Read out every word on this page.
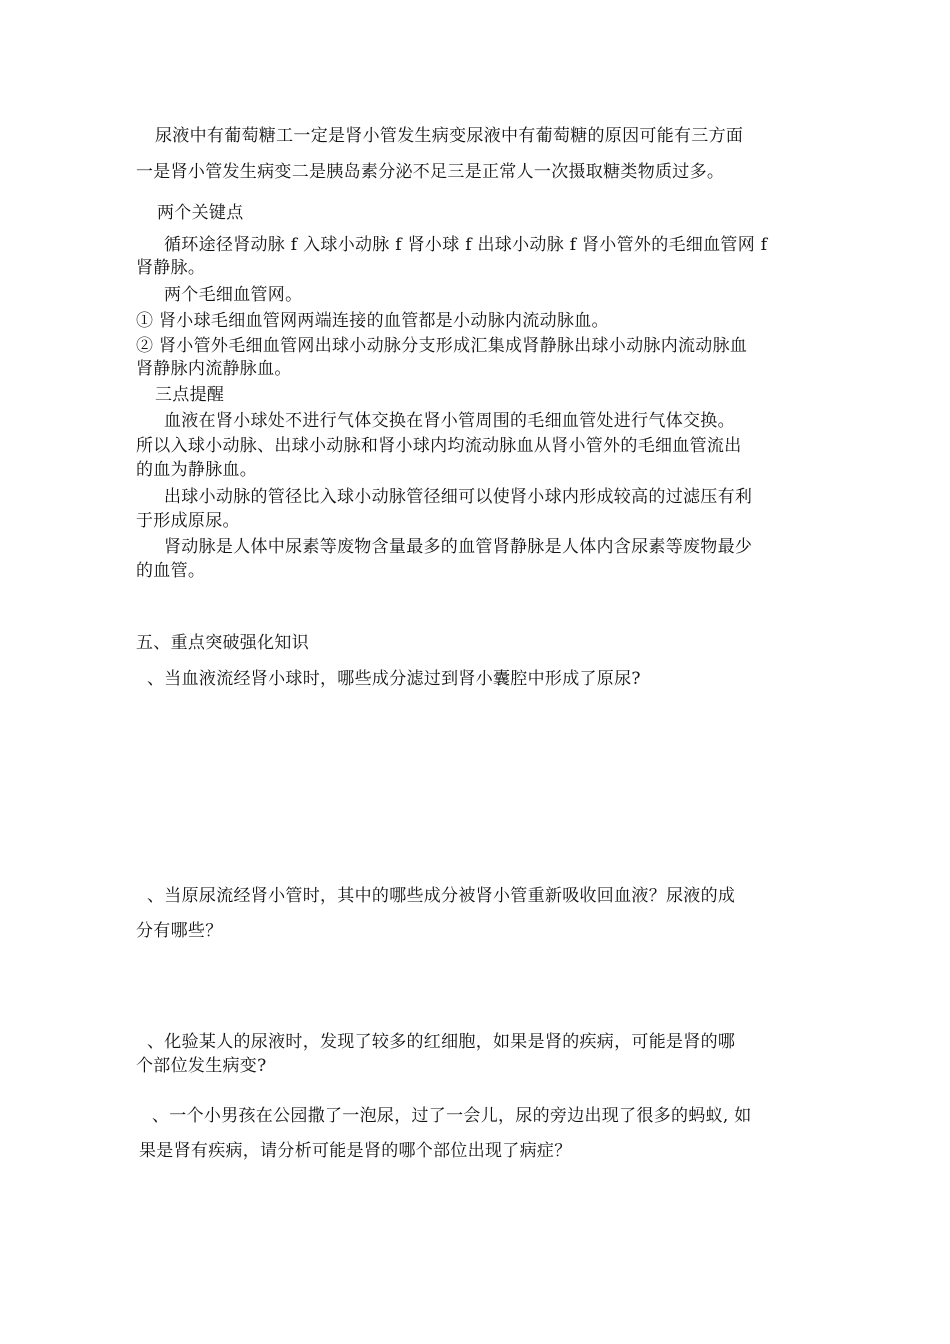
尿液中有葡萄糖工一定是肾小管发生病变尿液中有葡萄糖的原因可能有三方面
一是肾小管发生病变二是胰岛素分泌不足三是正常人一次摄取糖类物质过多。
两个关键点
循环途径肾动脉 f 入球小动脉 f 肾小球 f 出球小动脉 f 肾小管外的毛细血管网 f
肾静脉。
两个毛细血管网。
① 肾小球毛细血管网两端连接的血管都是小动脉内流动脉血。
② 肾小管外毛细血管网出球小动脉分支形成汇集成肾静脉出球小动脉内流动脉血
肾静脉内流静脉血。
三点提醒
血液在肾小球处不进行气体交换在肾小管周围的毛细血管处进行气体交换。
所以入球小动脉、出球小动脉和肾小球内均流动脉血从肾小管外的毛细血管流出
的血为静脉血。
出球小动脉的管径比入球小动脉管径细可以使肾小球内形成较高的过滤压有利
于形成原尿。
肾动脉是人体中尿素等废物含量最多的血管肾静脉是人体内含尿素等废物最少
的血管。
五、重点突破强化知识
、当血液流经肾小球时，哪些成分滤过到肾小囊腔中形成了原尿?
、当原尿流经肾小管时，其中的哪些成分被肾小管重新吸收回血液？尿液的成
分有哪些？
、化验某人的尿液时，发现了较多的红细胞，如果是肾的疾病，可能是肾的哪
个部位发生病变?
、一个小男孩在公园撒了一泡尿，过了一会儿，尿的旁边出现了很多的蚂蚁, 如
果是肾有疾病，请分析可能是肾的哪个部位出现了病症？
